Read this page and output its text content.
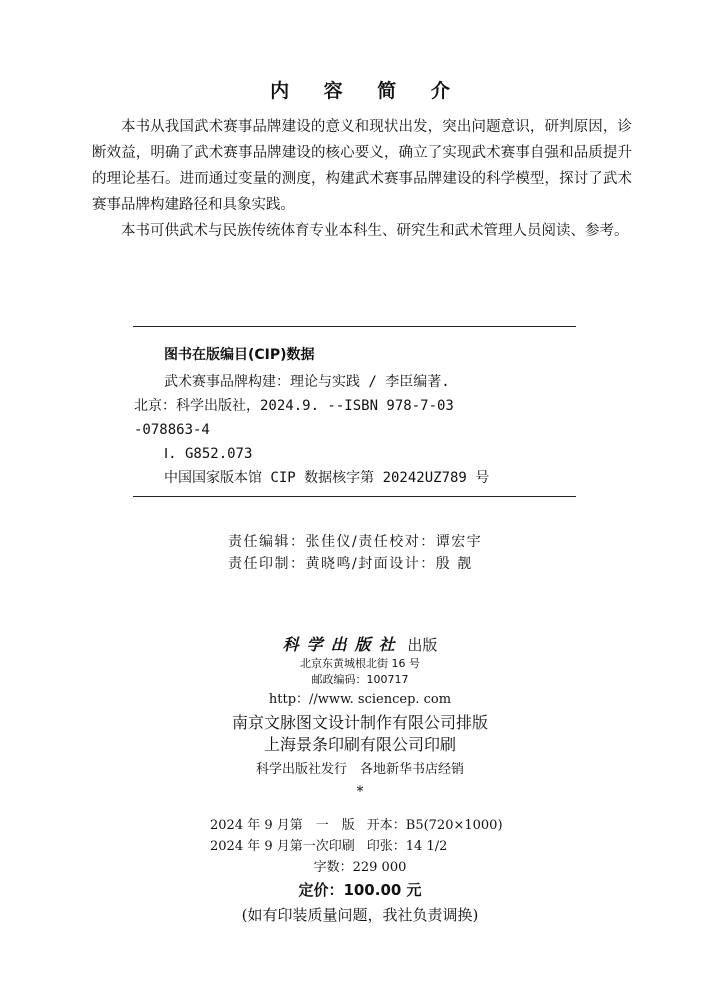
内 容 简 介

本书从我国武术赛事品牌建设的意义和现状出发，突出问题意识，研判原因，诊断效益，明确了武术赛事品牌建设的核心要义，确立了实现武术赛事自强和品质提升的理论基石。进而通过变量的测度，构建武术赛事品牌建设的科学模型，探讨了武术赛事品牌构建路径和具象实践。

本书可供武术与民族传统体育专业本科生、研究生和武术管理人员阅读、参考。

图书在版编目(CIP)数据
武术赛事品牌构建：理论与实践 / 李臣编著.
北京：科学出版社，2024.9. --ISBN 978-7-03
-078863-4
Ⅰ. G852.073
中国国家版本馆 CIP 数据核字第 20242UZ789 号
责任编辑：张佳仪/责任校对：谭宏宇
责任印制：黄晓鸣/封面设计：殷 靓
科学出版社 出版
北京东黄城根北街 16 号
邮政编码：100717
http：//www. sciencep. com
南京文脉图文设计制作有限公司排版
上海景条印刷有限公司印刷
科学出版社发行　各地新华书店经销
*
2024 年 9 月第　一　版 开本：B5(720×1000)
2024 年 9 月第一次印刷 印张：14 1/2
字数：229 000
定价：100.00 元
(如有印装质量问题，我社负责调换)
